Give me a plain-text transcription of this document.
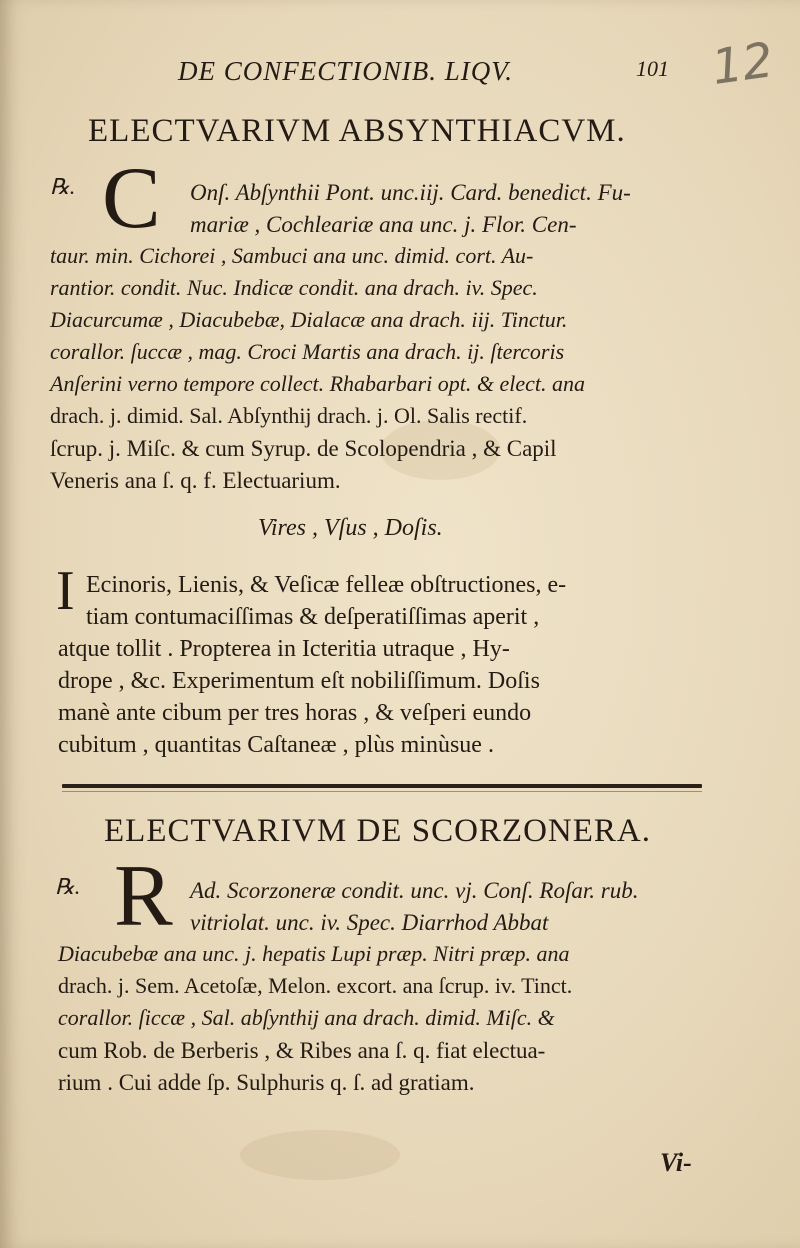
DE CONFECTIONIB. LIQV.	101 12
ELECTVARIVM ABSYNTHIACVM.
℞. C Onſ. Abſynthii Pont. unc.iij. Card. benedict. Fu-
mariæ , Cochleariæ ana unc. j. Flor. Cen-
taur. min. Cichorei , Sambuci ana unc. dimid. cort. Au-
rantior. condit. Nuc. Indicæ condit. ana drach. iv. Spec.
Diacurcumæ , Diacubebæ, Dialacæ ana drach. iij. Tinctur.
corallor. ſuccæ , mag. Croci Martis ana drach. ij. ſtercoris
Anſerini verno tempore collect. Rhabarbari opt. & elect. ana
drach. j. dimid. Sal. Abſynthij drach. j. Ol. Salis rectif.
ſcrup. j. Miſc. & cum Syrup. de Scolopendria , & Capil
Veneris ana ſ. q. f. Electuarium.
Vires , Vſus , Doſis.
I Ecinoris, Lienis, & Veſicæ felleæ obſtructiones, e-
tiam contumaciſſimas & deſperatiſſimas aperit ,
atque tollit . Propterea in Icteritia utraque , Hy-
drope , &c. Experimentum eſt nobiliſſimum. Doſis
manè ante cibum per tres horas , & veſperi eundo
cubitum , quantitas Caſtaneæ , plùs minùsue .
ELECTVARIVM DE SCORZONERA.
℞. R Ad. Scorzoneræ condit. unc. vj. Conſ. Roſar. rub.
vitriolat. unc. iv. Spec. Diarrhod Abbat
Diacubebæ ana unc. j. hepatis Lupi præp. Nitri præp. ana
drach. j. Sem. Acetoſæ, Melon. excort. ana ſcrup. iv. Tinct.
corallor. ſiccæ , Sal. abſynthij ana drach. dimid. Miſc. &
cum Rob. de Berberis , & Ribes ana ſ. q. fiat electua-
rium . Cui adde ſp. Sulphuris q. ſ. ad gratiam.
Vi-
